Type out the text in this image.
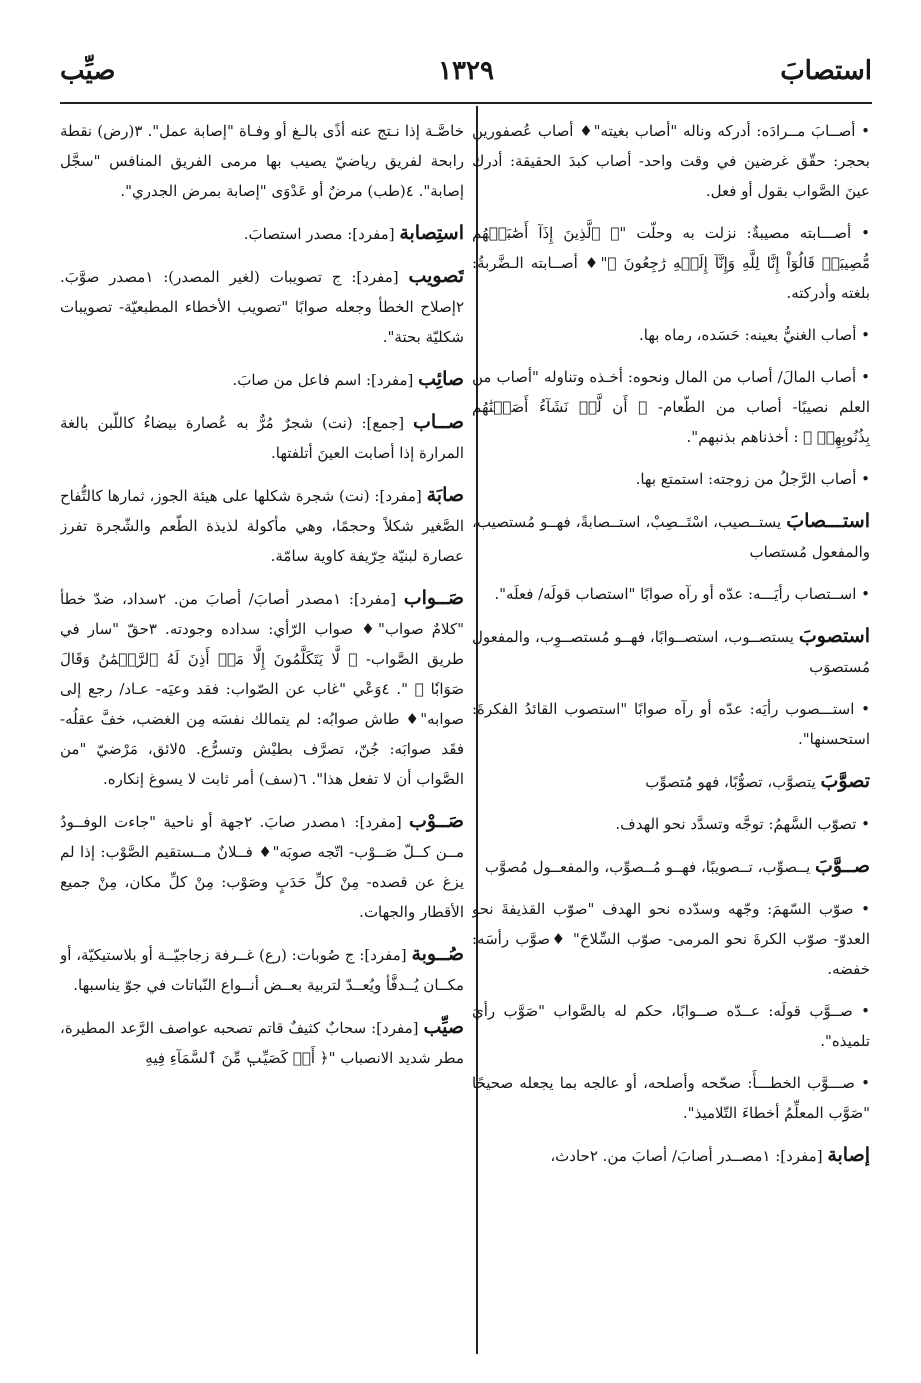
صيِّب	١٣٢٩	استصابَ

• أصــابَ مــرادَه: أدركه وناله "أصاب بغيته"♦ أصاب عُصفورين بحجر: حقّق غرضين في وقت واحد- أصاب كبدَ الحقيقة: أدرك عينَ الصَّواب بقول أو فعل.

• أصـــابته مصيبةٌ: نزلت به وحلّت "﴿ ٱلَّذِينَ إِذَآ أَصَٰبَتۡهُم مُّصِيبَةٞ قَالُوٓاْ إِنَّا لِلَّهِ وَإِنَّآ إِلَيۡهِ رَٰجِعُونَ ﴾"♦ أصــابته الـضَّربةُ: بلغته وأدركته.

• أصاب الغنيُّ بعينه: حَسَده، رماه بها.

• أصاب المالَ/ أصاب من المال ونحوه: أخـذه وتناوله "أصاب من العلم نصيبًا- أصاب من الطّعام- ﴿ أَن لَّوۡ نَشَآءُ أَصَبۡنَٰهُم بِذُنُوبِهِمۡ ﴾ : أخذناهم بذنبهم".

• أصاب الرَّجلُ من زوجته: استمتع بها.

استـــصابَ يستــصيب، اسْتَــصِبْ، استــصابةً، فهــو مُستصيب، والمفعول مُستصاب

• اســتصاب رأيَـــه: عدّه أو رآه صوابًا "استصاب قولَه/ فعلَه".

استصوبَ يستصــوب، استصــوابًا، فهــو مُستصــوِب، والمفعول مُستصوَب

• استـــصوب رأيَه: عدّه أو رآه صوابًا "استصوب القائدُ الفكرةَ: استحسنها".

تصوَّبَ يتصوَّب، تصوُّبًا، فهو مُتصوِّب

• تصوّب السَّهمُ: توجَّه وتسدَّد نحو الهدف.

صــوَّبَ يــصوِّب، تــصويبًا، فهــو مُــصوِّب، والمفعــول مُصوَّب

• صوّب السّهمَ: وجّهه وسدّده نحو الهدف "صوّب القذيفةَ نحو العدوّ- صوّب الكرةَ نحو المرمى- صوّب السِّلاحَ" ♦صوَّب رأسَه: خفضه.

• صــوَّب قولَه: عــدّه صــوابًا، حكم له بالصَّواب "صَوَّب رأيَ تلميذه".

• صـــوَّب الخطـــأَ: صحّحه وأصلحه، أو عالجه بما يجعله صحيحًا "صَوَّب المعلِّمُ أخطاءَ التّلاميذ".

إصابة [مفرد]: ١مصــدر أصابَ/ أصابَ من. ٢حادث،

خاصَّـة إذا نـتج عنه أذًى بالـغ أو وفـاة "إصابة عمل". ٣(رض) نقطة رابحة لفريق رياضيّ يصيب بها مرمى الفريق المنافس "سجَّل إصابة". ٤(طب) مرضٌ أو عَدْوَى "إصابة بمرض الجدري".

استِصابة [مفرد]: مصدر استصابَ.

تَصويب [مفرد]: ج تصويبات (لغير المصدر): ١مصدر صوَّبَ. ٢إصلاح الخطأ وجعله صوابًا "تصويب الأخطاء المطبعيّة- تصويبات شكليّة بحتة".

صائِب [مفرد]: اسم فاعل من صابَ.

صــاب [جمع]: (نت) شجرٌ مُرٌّ به عُصارة بيضاءُ كاللّبن بالغة المرارة إذا أصابت العينَ أتلفتها.

صابَة [مفرد]: (نت) شجرة شكلها على هيئة الجوز، ثمارها كالتُّفاح الصَّغير شكلاً وحجمًا، وهي مأكولة لذيذة الطّعم والشّجرة تفرز عصارة لبنيّة حِرّيفة كاوية سامّة.

صَــواب [مفرد]: ١مصدر أصابَ/ أصابَ من. ٢سداد، ضدّ خطأ "كلامٌ صواب"♦ صواب الرّأي: سداده وجودته. ٣حقّ "سار في طريق الصَّواب- ﴿ لَّا يَتَكَلَّمُونَ إِلَّا مَنۡ أَذِنَ لَهُ ٱلرَّحۡمَٰنُ وَقَالَ صَوَابٗا ﴾ ". ٤وَعْي "غاب عن الصّواب: فقد وعيَه- عـاد/ رجع إلى صوابه"♦ طاش صوابُه: لم يتمالك نفسَه مِن الغضب، خفَّ عقلُه- فقَد صوابَه: جُنّ، تصرَّف بطيْش وتسرُّع. ٥لائق، مَرْضيّ "من الصَّواب أن لا تفعل هذا". ٦(سف) أمر ثابت لا يسوغ إنكاره.

صَــوْب [مفرد]: ١مصدر صابَ. ٢جهة أو ناحية "جاءت الوفــودُ مــن كــلّ صَــوْب- اتّجه صوبَه"♦ فــلانٌ مــستقيم الصَّوْب: إذا لم يزغ عن قصده- مِنْ كلِّ حَدَبٍ وصَوْب: مِنْ كلِّ مكان، مِنْ جميع الأقطار والجهات.

صُــوبة [مفرد]: ج صُوبات: (رع) غــرفة زجاجيّــة أو بلاستيكيّة، أو مكــان يُــدفَّأ ويُعــدّ لتربية بعــض أنــواع النّباتات في جوّ يناسبها.

صيِّب [مفرد]: سحابٌ كثيفٌ قاتم تصحبه عواصف الرَّعد المطيرة، مطر شديد الانصباب "﴿ أَوۡ كَصَيِّبٖ مِّنَ ٱلسَّمَآءِ فِيهِ
